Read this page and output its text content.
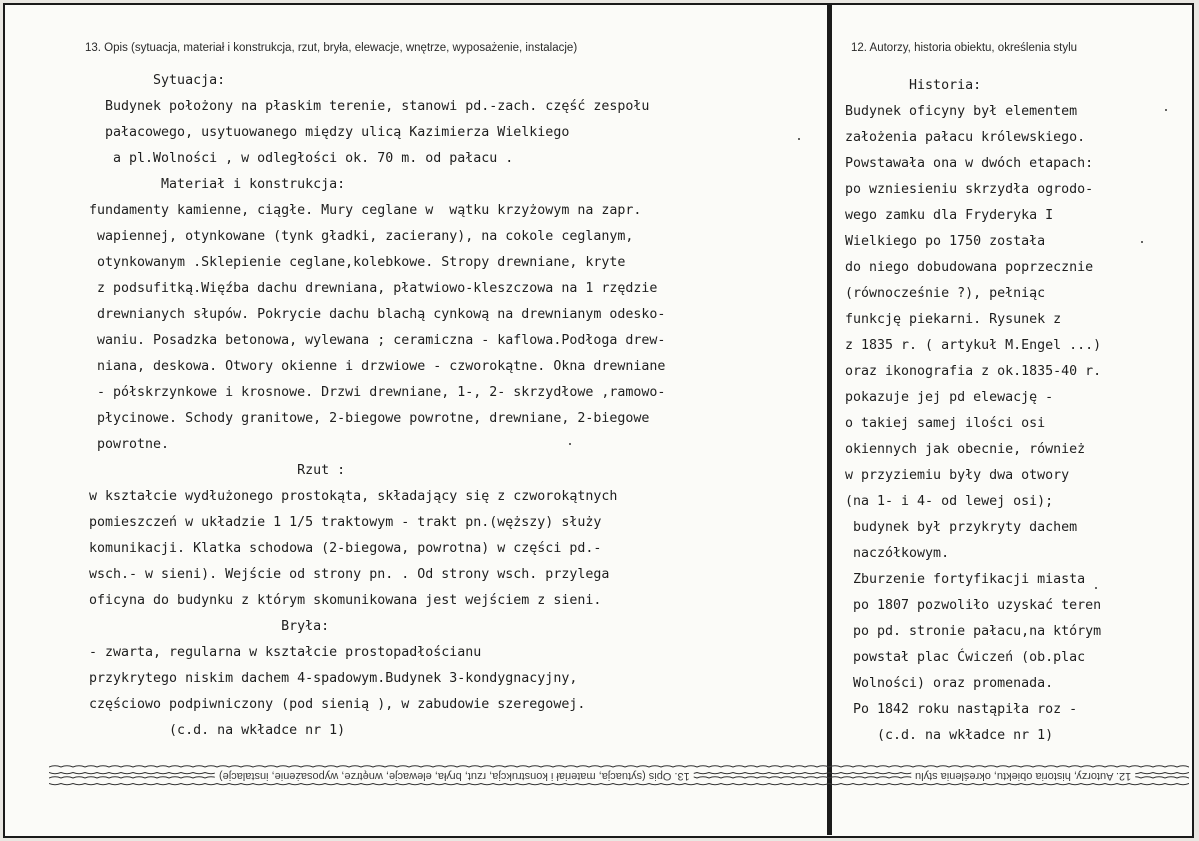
13. Opis (sytuacja, materiał i konstrukcja, rzut, bryła, elewacje, wnętrze, wyposażenie, instalacje)	12. Autorzy, historia obiektu, określenia stylu
Sytuacja:
Budynek położony na płaskim terenie, stanowi pd.-zach. część zespołu
pałacowego, usytuowanego między ulicą Kazimierza Wielkiego
a pl.Wolności , w odległości ok. 70 m. od pałacu .
Materiał i konstrukcja:
fundamenty kamienne, ciągłe. Mury ceglane w  wątku krzyżowym na zapr.
wapiennej, otynkowane (tynk gładki, zacierany), na cokole ceglanym,
otynkowanym .Sklepienie ceglane,kolebkowe. Stropy drewniane, kryte
z podsufitką.Więźba dachu drewniana, płatwiowo-kleszczowa na 1 rzędzie
drewnianych słupów. Pokrycie dachu blachą cynkową na drewnianym odesko-
waniu. Posadzka betonowa, wylewana ; ceramiczna - kaflowa.Podłoga drew-
niana, deskowa. Otwory okienne i drzwiowe - czworokątne. Okna drewniane
- półskrzynkowe i krosnowe. Drzwi drewniane, 1-, 2- skrzydłowe ,ramowo-
płycinowe. Schody granitowe, 2-biegowe powrotne, drewniane, 2-biegowe
powrotne.
Rzut :
w kształcie wydłużonego prostokąta, składający się z czworokątnych
pomieszczeń w układzie 1 1/5 traktowym - trakt pn.(węższy) służy
komunikacji. Klatka schodowa (2-biegowa, powrotna) w części pd.-
wsch.- w sieni). Wejście od strony pn. . Od strony wsch. przylega
oficyna do budynku z którym skomunikowana jest wejściem z sieni.
Bryła:
- zwarta, regularna w kształcie prostopadłościanu
przykrytego niskim dachem 4-spadowym.Budynek 3-kondygnacyjny,
częściowo podpiwniczony (pod sienią ), w zabudowie szeregowej.
(c.d. na wkładce nr 1)
Historia:
Budynek oficyny był elementem
założenia pałacu królewskiego.
Powstawała ona w dwóch etapach:
po wzniesieniu skrzydła ogrodo-
wego zamku dla Fryderyka I
Wielkiego po 1750 została
do niego dobudowana poprzecznie
(równocześnie ?), pełniąc
funkcję piekarni. Rysunek z
z 1835 r. ( artykuł M.Engel ...)
oraz ikonografia z ok.1835-40 r.
pokazuje jej pd elewację -
o takiej samej ilości osi
okiennych jak obecnie, również
w przyziemiu były dwa otwory
(na 1- i 4- od lewej osi);
budynek był przykryty dachem
naczółkowym.
Zburzenie fortyfikacji miasta
po 1807 pozwoliło uzyskać teren
po pd. stronie pałacu,na którym
powstał plac Ćwiczeń (ob.plac
Wolności) oraz promenada.
Po 1842 roku nastąpiła roz -
(c.d. na wkładce nr 1)
13. Opis (sytuacja, materiał i konstrukcja, rzut, bryła, elewacje, wnętrze, wyposażenie, instalacje)	12. Autorzy, historia obiektu, określenia stylu
